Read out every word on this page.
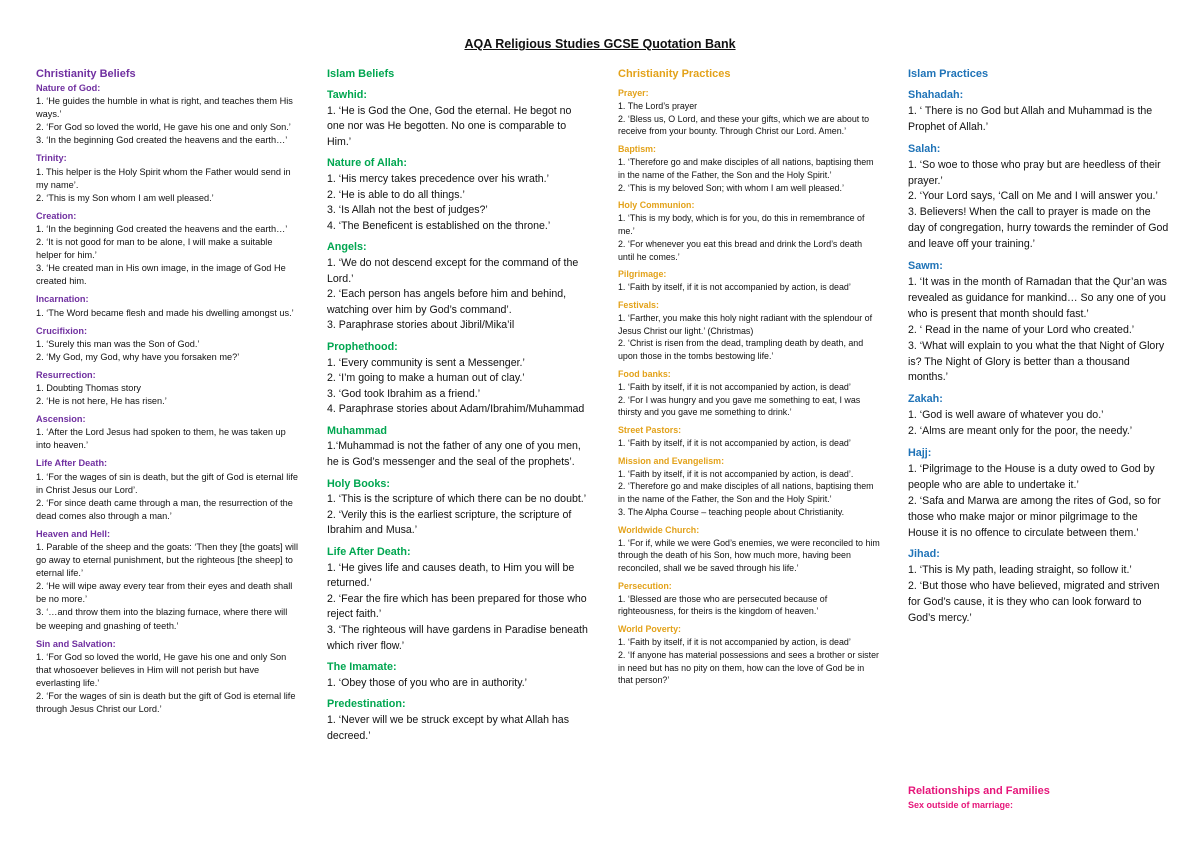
AQA Religious Studies GCSE Quotation Bank

Christianity Beliefs

Nature of God:

1. ‘He guides the humble in what is right, and teaches them His ways.’

2. ‘For God so loved the world, He gave his one and only Son.’

3. ‘In the beginning God created the heavens and the earth…’

Trinity:

1. This helper is the Holy Spirit whom the Father would send in my name’.

2. ‘This is my Son whom I am well pleased.’

Creation:

1. ‘In the beginning God created the heavens and the earth…’

2. ‘It is not good for man to be alone, I will make a suitable helper for him.’

3. ‘He created man in His own image, in the image of God He created him.

Incarnation:

1. ‘The Word became flesh and made his dwelling amongst us.’

Crucifixion:

1. ‘Surely this man was the Son of God.’

2. ‘My God, my God, why have you forsaken me?’

Resurrection:

1. Doubting Thomas story

2. ‘He is not here, He has risen.’

Ascension:

1. ‘After the Lord Jesus had spoken to them, he was taken up into heaven.’

Life After Death:

1. ‘For the wages of sin is death, but the gift of God is eternal life in Christ Jesus our Lord’.

2. ‘For since death came through a man, the resurrection of the dead comes also through a man.’

Heaven and Hell:

1. Parable of the sheep and the goats: ‘Then they [the goats] will go away to eternal punishment, but the righteous [the sheep] to eternal life.’

2. ‘He will wipe away every tear from their eyes and death shall be no more.’

3. ‘…and throw them into the blazing furnace, where there will be weeping and gnashing of teeth.’

Sin and Salvation:

1. ‘For God so loved the world, He gave his one and only Son that whosoever believes in Him will not perish but have everlasting life.’

2. ‘For the wages of sin is death but the gift of God is eternal life through Jesus Christ our Lord.’

Islam Beliefs

Tawhid:

1. ‘He is God the One, God the eternal. He begot no one nor was He begotten. No one is comparable to Him.’

Nature of Allah:

1. ‘His mercy takes precedence over his wrath.’

2. ‘He is able to do all things.’

3. ‘Is Allah not the best of judges?’

4. ‘The Beneficent is established on the throne.’

Angels:

1. ‘We do not descend except for the command of the Lord.’

2. ‘Each person has angels before him and behind, watching over him by God’s command’.

3. Paraphrase stories about Jibril/Mika’il

Prophethood:

1. ‘Every community is sent a Messenger.’

2. ‘I’m going to make a human out of clay.’

3. ‘God took Ibrahim as a friend.’

4. Paraphrase stories about Adam/Ibrahim/Muhammad

Muhammad

1.‘Muhammad is not the father of any one of you men, he is God’s messenger and the seal of the prophets’.

Holy Books:

1. ‘This is the scripture of which there can be no doubt.’

2. ‘Verily this is the earliest scripture, the scripture of Ibrahim and Musa.’

Life After Death:

1. ‘He gives life and causes death, to Him you will be returned.’

2. ‘Fear the fire which has been prepared for those who reject faith.’

3. ‘The righteous will have gardens in Paradise beneath which river flow.’

The Imamate:

1. ‘Obey those of you who are in authority.’

Predestination:

1. ‘Never will we be struck except by what Allah has decreed.’

Christianity Practices

Prayer:

1. The Lord’s prayer

2. ‘Bless us, O Lord, and these your gifts, which we are about to receive from your bounty. Through Christ our Lord. Amen.’

Baptism:

1. ‘Therefore go and make disciples of all nations, baptising them in the name of the Father, the Son and the Holy Spirit.’

2. ‘This is my beloved Son; with whom I am well pleased.’

Holy Communion:

1. ‘This is my body, which is for you, do this in remembrance of me.’

2. ‘For whenever you eat this bread and drink the Lord’s death until he comes.’

Pilgrimage:

1. ‘Faith by itself, if it is not accompanied by action, is dead’

Festivals:

1. ‘Farther, you make this holy night radiant with the splendour of Jesus Christ our light.’ (Christmas)

2. ‘Christ is risen from the dead, trampling death by death, and upon those in the tombs bestowing life.’

Food banks:

1. ‘Faith by itself, if it is not accompanied by action, is dead’

2. ‘For I was hungry and you gave me something to eat, I was thirsty and you gave me something to drink.’

Street Pastors:

1. ‘Faith by itself, if it is not accompanied by action, is dead’

Mission and Evangelism:

1. ‘Faith by itself, if it is not accompanied by action, is dead’.

2. ‘Therefore go and make disciples of all nations, baptising them in the name of the Father, the Son and the Holy Spirit.’

3. The Alpha Course – teaching people about Christianity.

Worldwide Church:

1. ‘For if, while we were God’s enemies, we were reconciled to him through the death of his Son, how much more, having been reconciled, shall we be saved through his life.’

Persecution:

1. ‘Blessed are those who are persecuted because of righteousness, for theirs is the kingdom of heaven.’

World Poverty:

1. ‘Faith by itself, if it is not accompanied by action, is dead’

2. ‘If anyone has material possessions and sees a brother or sister in need but has no pity on them, how can the love of God be in that person?’

Islam Practices

Shahadah:

1. ‘ There is no God but Allah and Muhammad is the Prophet of Allah.’

Salah:

1. ‘So woe to those who pray but are heedless of their prayer.’

2. ‘Your Lord says, ‘Call on Me and I will answer you.’

3. Believers! When the call to prayer is made on the day of congregation, hurry towards the reminder of God and leave off your training.’

Sawm:

1. ‘It was in the month of Ramadan that the Qur’an was revealed as guidance for mankind… So any one of you who is present that month should fast.’

2. ‘ Read in the name of your Lord who created.’

3. ‘What will explain to you what the that Night of Glory is? The Night of Glory is better than a thousand months.’

Zakah:

1. ‘God is well aware of whatever you do.’

2. ‘Alms are meant only for the poor, the needy.’

Hajj:

1. ‘Pilgrimage to the House is a duty owed to God by people who are able to undertake it.’

2. ‘Safa and Marwa are among the rites of God, so for those who make major or minor pilgrimage to the House it is no offence to circulate between them.’

Jihad:

1. ‘This is My path, leading straight, so follow it.’

2. ‘But those who have believed, migrated and striven for God’s cause, it is they who can look forward to God’s mercy.’

Relationships and Families

Sex outside of marriage:
